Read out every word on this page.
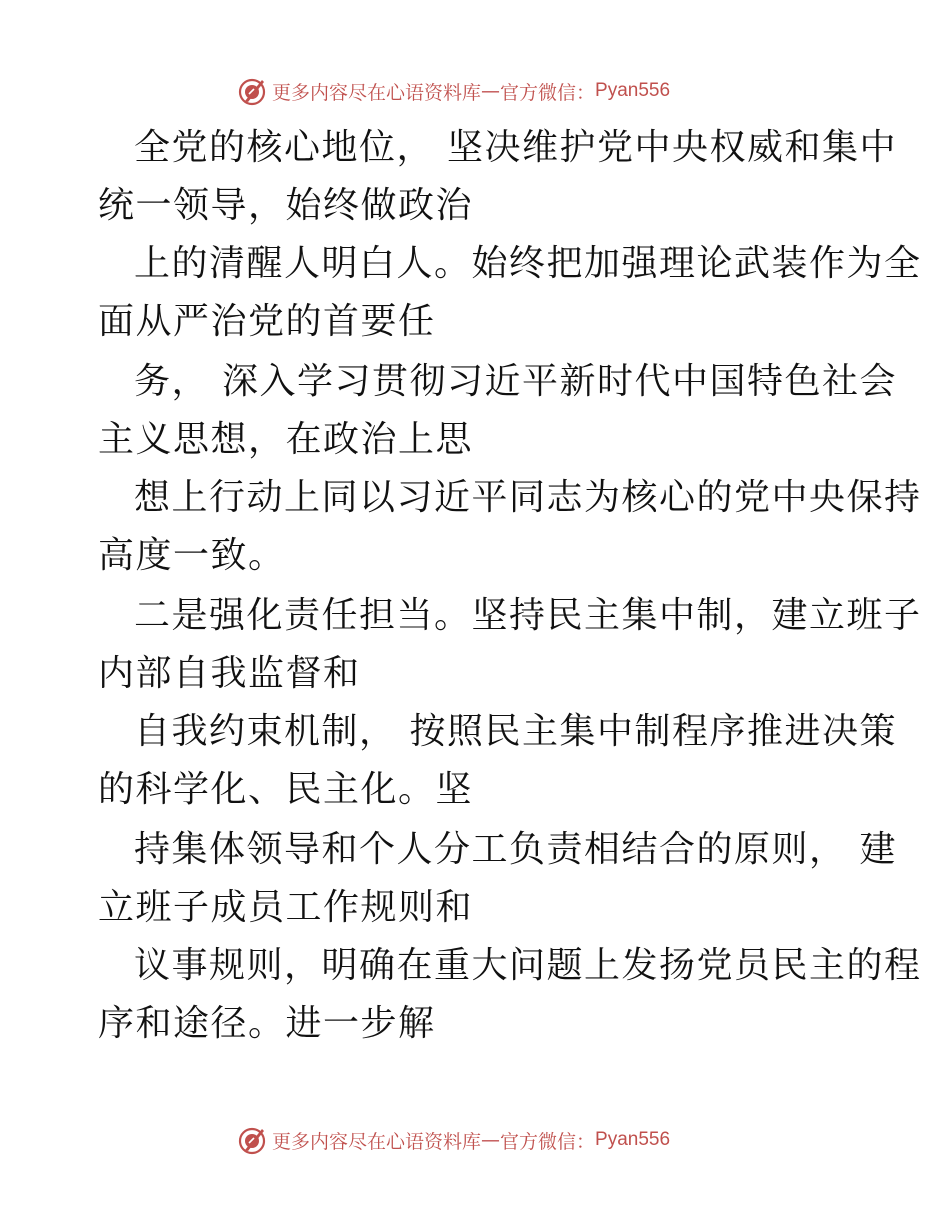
更多内容尽在心语资料库 — 官方微信： Pyan556
全党的核心地位， 坚决维护党中央权威和集中
统一领导，始终做政治
上的清醒人明白人。始终把加强理论武装作为全
面从严治党的首要任
务， 深入学习贯彻习近平新时代中国特色社会
主义思想，在政治上思
想上行动上同以习近平同志为核心的党中央保持
高度一致。
二是强化责任担当。坚持民主集中制，建立班子
内部自我监督和
自我约束机制， 按照民主集中制程序推进决策
的科学化、民主化。坚
持集体领导和个人分工负责相结合的原则， 建
立班子成员工作规则和
议事规则，明确在重大问题上发扬党员民主的程
序和途径。进一步解
更多内容尽在心语资料库 — 官方微信： Pyan556
